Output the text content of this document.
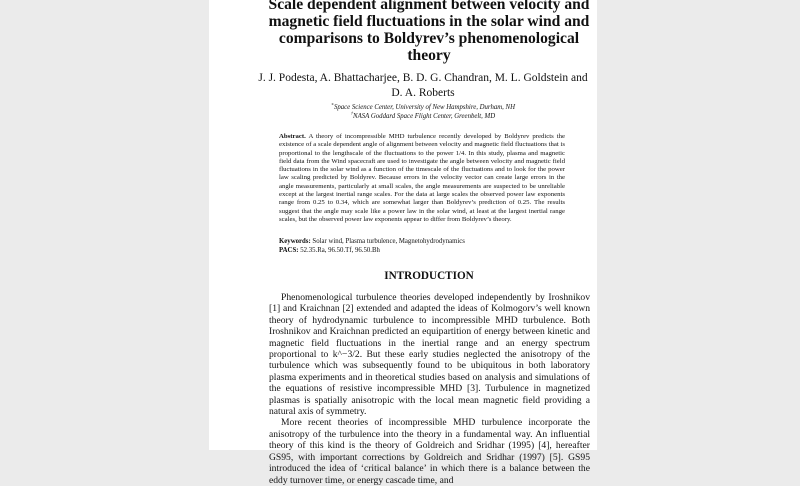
Scale dependent alignment between velocity and
magnetic field fluctuations in the solar wind and
comparisons to Boldyrev’s phenomenological
theory
J. J. Podesta, A. Bhattacharjee, B. D. G. Chandran, M. L. Goldstein and
D. A. Roberts
∗Space Science Center, University of New Hampshire, Durham, NH
†NASA Goddard Space Flight Center, Greenbelt, MD
Abstract. A theory of incompressible MHD turbulence recently developed by Boldyrev predicts the existence of a scale dependent angle of alignment between velocity and magnetic field fluctuations that is proportional to the lengthscale of the fluctuations to the power 1/4. In this study, plasma and magnetic field data from the Wind spacecraft are used to investigate the angle between velocity and magnetic field fluctuations in the solar wind as a function of the timescale of the fluctuations and to look for the power law scaling predicted by Boldyrev. Because errors in the velocity vector can create large errors in the angle measurements, particularly at small scales, the angle measurements are suspected to be unreliable except at the largest inertial range scales. For the data at large scales the observed power law exponents range from 0.25 to 0.34, which are somewhat larger than Boldyrev’s prediction of 0.25. The results suggest that the angle may scale like a power law in the solar wind, at least at the largest inertial range scales, but the observed power law exponents appear to differ from Boldyrev’s theory.
Keywords: Solar wind, Plasma turbulence, Magnetohydrodynamics
PACS: 52.35.Ra, 96.50.Tf, 96.50.Bh
INTRODUCTION

Phenomenological turbulence theories developed independently by Iroshnikov [1] and Kraichnan [2] extended and adapted the ideas of Kolmogorv’s well known theory of hydrodynamic turbulence to incompressible MHD turbulence. Both Iroshnikov and Kraichnan predicted an equipartition of energy between kinetic and magnetic field fluctuations in the inertial range and an energy spectrum proportional to k^−3/2. But these early studies neglected the anisotropy of the turbulence which was subsequently found to be ubiquitous in both laboratory plasma experiments and in theoretical studies based on analysis and simulations of the equations of resistive incompressible MHD [3]. Turbulence in magnetized plasmas is spatially anisotropic with the local mean magnetic field providing a natural axis of symmetry.

More recent theories of incompressible MHD turbulence incorporate the anisotropy of the turbulence into the theory in a fundamental way. An influential theory of this kind is the theory of Goldreich and Sridhar (1995) [4], hereafter GS95, with important corrections by Goldreich and Sridhar (1997) [5]. GS95 introduced the idea of ‘critical balance’ in which there is a balance between the eddy turnover time, or energy cascade time, and
